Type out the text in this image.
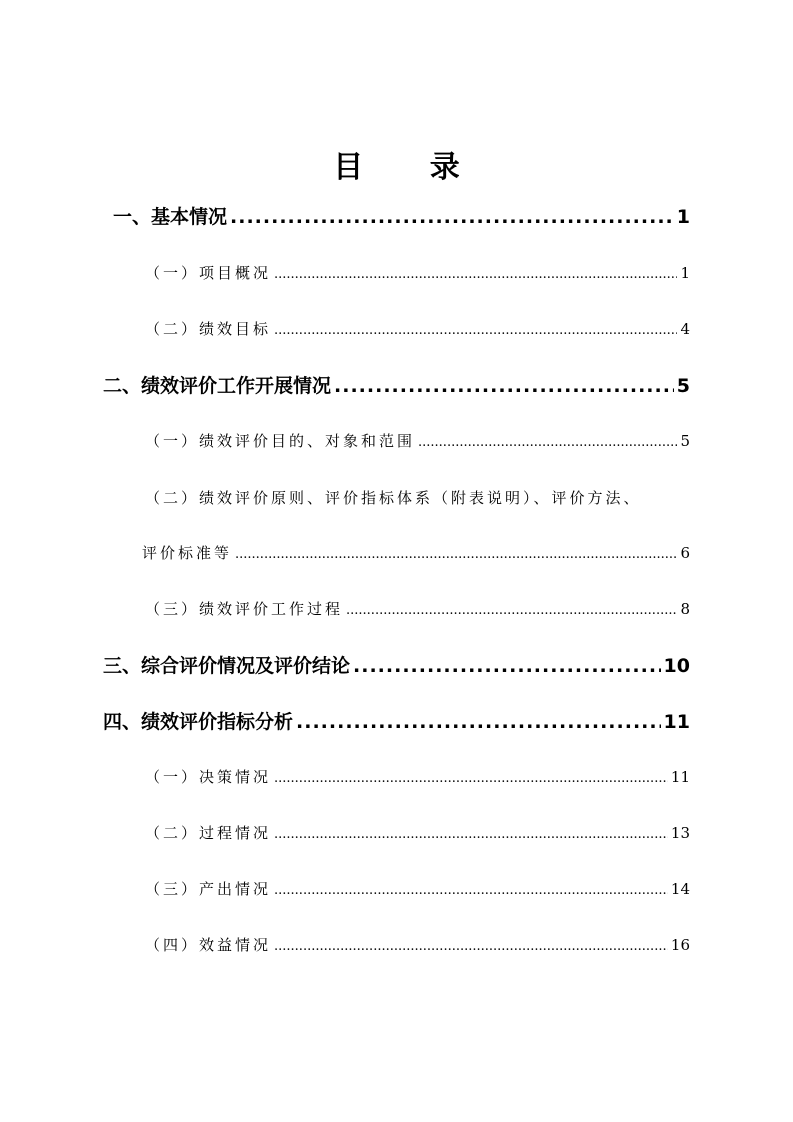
目 录
一、基本情况 .....	1
（一）项目概况 .....	1
（二）绩效目标 .....	4
二、绩效评价工作开展情况 .....	5
（一）绩效评价目的、对象和范围 .....	5
（二）绩效评价原则、评价指标体系（附表说明）、评价方法、
评价标准等 .....	6
（三）绩效评价工作过程 .....	8
三、综合评价情况及评价结论 .....	10
四、绩效评价指标分析 .....	11
（一）决策情况 .....	11
（二）过程情况 .....	13
（三）产出情况 .....	14
（四）效益情况 .....	16
